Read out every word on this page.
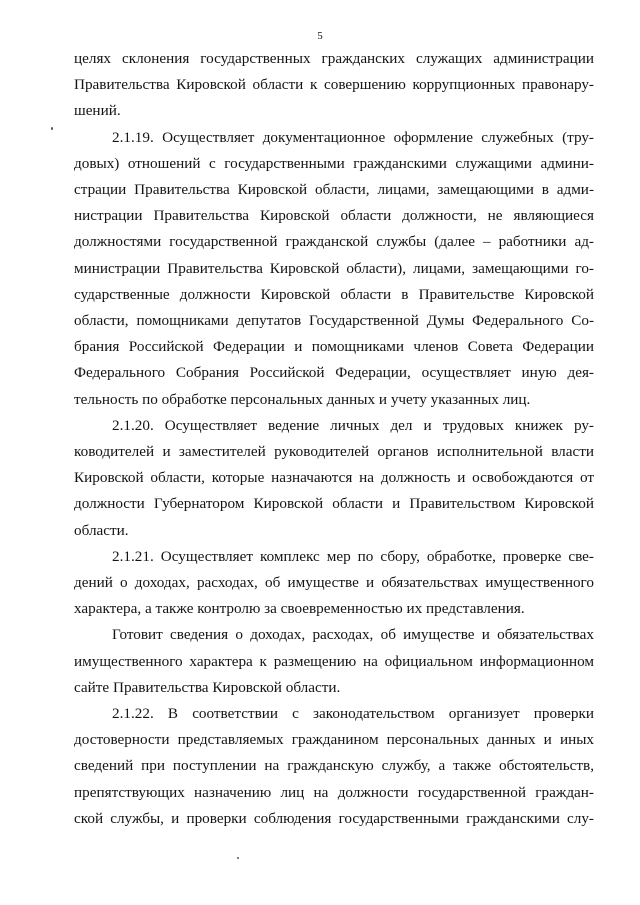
5

целях склонения государственных гражданских служащих администрации

Правительства Кировской области к совершению коррупционных правонару-

шений.

2.1.19. Осуществляет документационное оформление служебных (тру-

довых) отношений с государственными гражданскими служащими админи-

страции Правительства Кировской области, лицами, замещающими в адми-

нистрации Правительства Кировской области должности, не являющиеся

должностями государственной гражданской службы (далее – работники ад-

министрации Правительства Кировской области), лицами, замещающими го-

сударственные должности Кировской области в Правительстве Кировской

области, помощниками депутатов Государственной Думы Федерального Со-

брания Российской Федерации и помощниками членов Совета Федерации

Федерального Собрания Российской Федерации, осуществляет иную дея-

тельность по обработке персональных данных и учету указанных лиц.

2.1.20. Осуществляет ведение личных дел и трудовых книжек ру-

ководителей и заместителей руководителей органов исполнительной власти

Кировской области, которые назначаются на должность и освобождаются от

должности Губернатором Кировской области и Правительством Кировской

области.

2.1.21. Осуществляет комплекс мер по сбору, обработке, проверке све-

дений о доходах, расходах, об имуществе и обязательствах имущественного

характера, а также контролю за своевременностью их представления.

Готовит сведения о доходах, расходах, об имуществе и обязательствах

имущественного характера к размещению на официальном информационном

сайте Правительства Кировской области.

2.1.22. В соответствии с законодательством организует проверки

достоверности представляемых гражданином персональных данных и иных

сведений при поступлении на гражданскую службу, а также обстоятельств,

препятствующих назначению лиц на должности государственной граждан-

ской службы, и проверки соблюдения государственными гражданскими слу-
